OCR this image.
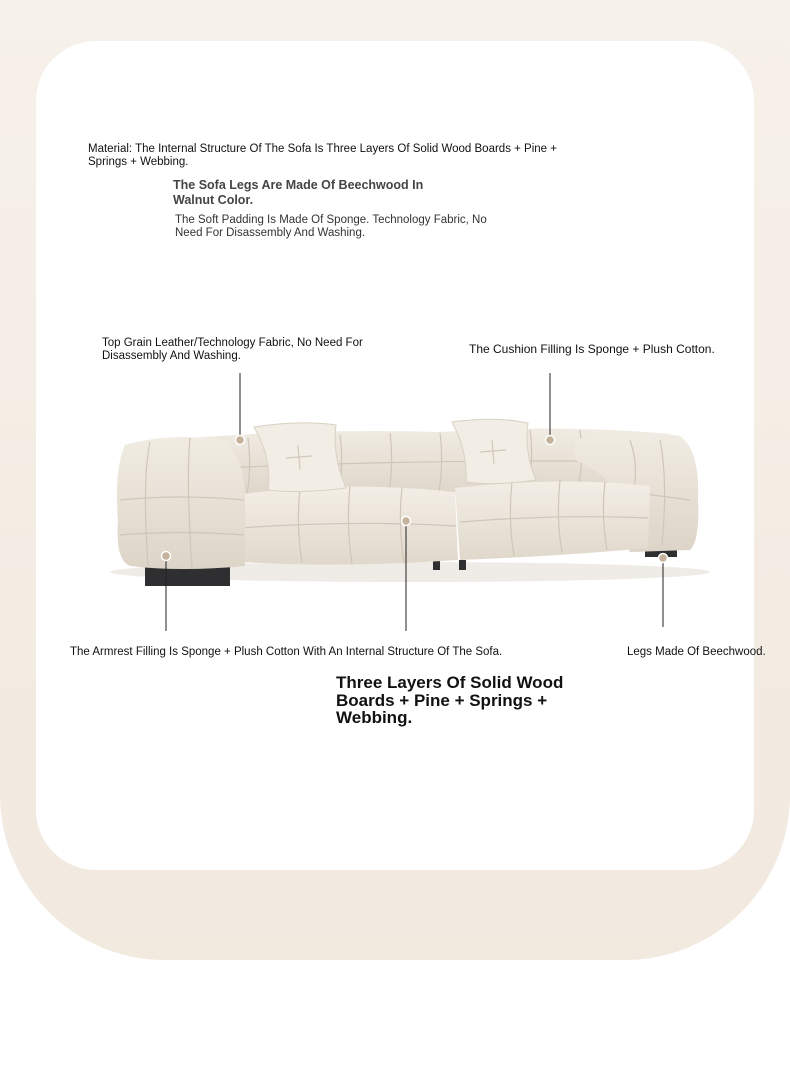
Material: The Internal Structure Of The Sofa Is Three Layers Of Solid Wood Boards + Pine + Springs + Webbing.

The Sofa Legs Are Made Of Beechwood In Walnut Color.

The Soft Padding Is Made Of Sponge. Technology Fabric, No Need For Disassembly And Washing.

Top Grain Leather/Technology Fabric, No Need For Disassembly And Washing.	The Cushion Filling Is Sponge + Plush Cotton.

The Armrest Filling Is Sponge + Plush Cotton With An Internal Structure Of The Sofa.	Legs Made Of Beechwood.

Three Layers Of Solid Wood Boards + Pine + Springs + Webbing.
